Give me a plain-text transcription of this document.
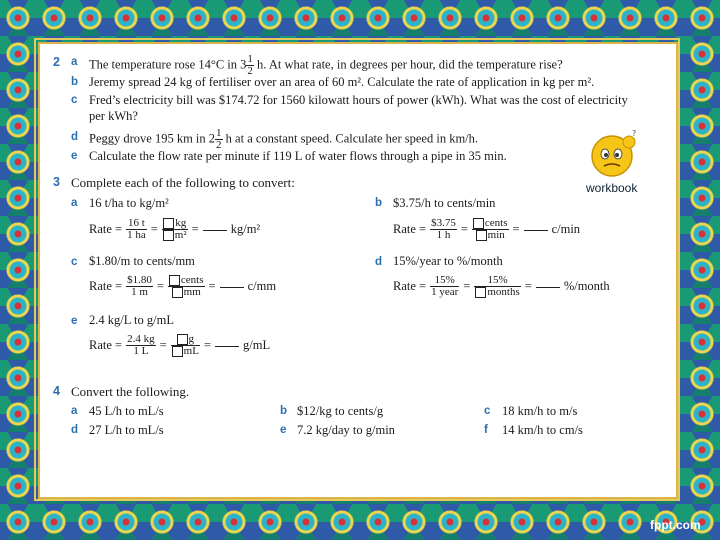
2 a The temperature rose 14°C in $3 \frac{1}{2} h$. At what rate, in degrees per hour, did the temperature rise?
b Jeremy spread 24 kg of fertiliser over an area of 60 m². Calculate the rate of application in kg per m².
c Fred’s electricity bill was $174.72 for 1560 kilowatt hours of power (kWh). What was the cost of electricity
per kWh?
d Peggy drove 195 km in $2 \frac{1}{2}$ h at a constant speed. Calculate her speed in km/h.
e Calculate the flow rate per minute if 119 L of water flows through a pipe in 35 min.
?
workbook
3 Complete each of the following to convert:
a 16 t/ha to kg/m²
Rate = $\frac{16 t}{1 ha} = \frac{kg}{\text{m²}}$ =	kg/m²
b $3.75/h to cents/min
Rate = $\frac{\$3.75}{1 h} = \frac{\text{cents}}{\min}$ =	c/min
c $1.80/m to cents/mm
Rate = $\frac{\$1.80}{1 m} = \frac{\text{cents}}{mm}$ =	c/mm
d 15%/year to %/month
Rate = $\frac{15\%}{\text{1 year}} = \frac{15\%}{\text{months}}$ =	%/month
e 2.4 kg/L to g/mL
Rate = $\frac{2.4 kg}{1 L} = \frac{g}{mL}$ =	g/mL
4 Convert the following.
a 45 L/h to mL/s	b $12/kg to cents/g	c 18 km/h to m/s
d 27 L/h to mL/s	e 7.2 kg/day to g/min	f 14 km/h to cm/s
fppt.com
